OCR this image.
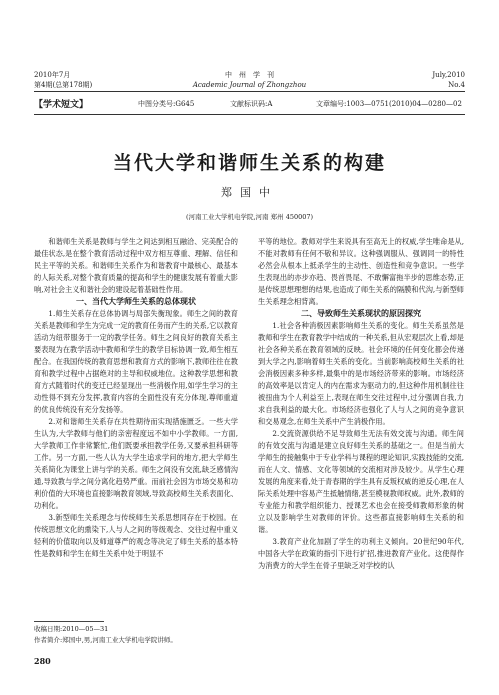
2010年7月
第4期(总第178期)
中　州　学　刊
Academic Journal of Zhongzhou
July,2010
No.4
【学术短文】	中图分类号:G645	文献标识码:A	文章编号:1003—0751(2010)04—0280—02
当代大学和谐师生关系的构建
郑国中
(河南工业大学机电学院,河南 郑州 450007)

和谐师生关系是教师与学生之间达到相互融洽、完美配合的最佳状态,是在整个教育活动过程中双方相互尊重、理解、信任和民主平等的关系。和谐师生关系作为和谐教育中最核心、最基本的人际关系,对整个教育质量的提高和学生的健康发展有着重大影响,对社会主义和谐社会的建设起着基础性作用。

一、当代大学师生关系的总体现状

1.师生关系存在总体协调与局部失衡现象。师生之间的教育关系是教师和学生为完成一定的教育任务而产生的关系,它以教育活动为纽带服务于一定的教学任务。师生之间良好的教育关系主要表现为在教学活动中教师和学生的教学目标协调一致,师生相互配合。在我国传统的教育思想和教育方式的影响下,教师往往在教育和教学过程中占据绝对的主导和权威地位。这种教学思想和教育方式随着时代的变迁已经显现出一些消极作用,如学生学习的主动性得不到充分发挥,教育内容的全面性没有充分体现,尊师重道的优良传统没有充分发扬等。

2.对和谐师生关系存在共性期待而实现措施匮乏。一些大学生认为,大学教师与他们的亲密程度远不如中小学教师。一方面,大学教师工作非常繁忙,他们既要承担教学任务,又要承担科研等工作。另一方面,一些人认为大学生追求学问的地方,把大学师生关系简化为课堂上讲与学的关系。师生之间没有交流,缺乏感情沟通,导致教与学之间分离化趋势严重。而前社会因为市场交易和功利价值的大环境也直接影响教育领域,导致高校师生关系表面化、功利化。

3.新型师生关系理念与传统师生关系思想同存在于校园。在传统思想文化的熏染下,人与人之间的等级观念、交往过程中重义轻利的价值取向以及师道尊严的观念等决定了师生关系的基本特性是教师和学生在师生关系中处于明显不

平等的地位。教师对学生来说具有至高无上的权威,学生唯命是从,不能对教师有任何不敬和异议。这种强调服从、强调同一的特性必然会从根本上抵杀学生的主动性、创造性和竞争意识。一些学生表现出的亦步亦趋、畏首畏尾、不敢懈富拖半步的思维态势,正是传统思想理想的结果,也造成了师生关系的隔膜和代沟,与新型师生关系理念相背离。

二、导致师生关系现状的原因探究

1.社会各种消极因素影响师生关系的变化。师生关系虽然是教师和学生在教育教学中结成的一种关系,但从宏观层次上看,却是社会各种关系在教育领域的反映。社会环境的任何变化都会传递到大学之内,影响着师生关系的变化。当前影响高校师生关系的社会消极因素多种多样,最集中的是市场经济带来的影响。市场经济的高效率是以肯定人的内在需求为驱动力的,但这种作用机制往往被扭曲为个人利益至上,表现在师生交往过程中,过分强调自我,力求自我利益的最大化。市场经济也强化了人与人之间的竞争意识和交易观念,在师生关系中产生消极作用。

2.交流资源供给不足导致师生无法有效交流与沟通。师生间的有效交流与沟通是建立良好师生关系的基础之一。但是当前大学师生的接触集中于专业学科与课程的理论知识,实践技能的交流,而在人文、情感、文化等领域的交流相对涉及较少。从学生心理发展的角度来看,处于青春期的学生具有反叛权威的逆反心理,在人际关系处理中容易产生抵触情绪,甚至模视教师权威。此外,教师的专业能力和教学组织能力、授课艺术也会在接受师教师形象的树立以及影响学生对教师的评价。这些都直接影响师生关系的和谐。

3.教育产业化加剧了学生的功利主义倾向。20世纪90年代,中国各大学在政策的指引下进行扩招,推进教育产业化。这使得作为消费方的大学生在骨子里缺乏对学校的认

收稿日期:2010—05—31
作者简介:郑国中,男,河南工业大学机电学院讲师。
280
